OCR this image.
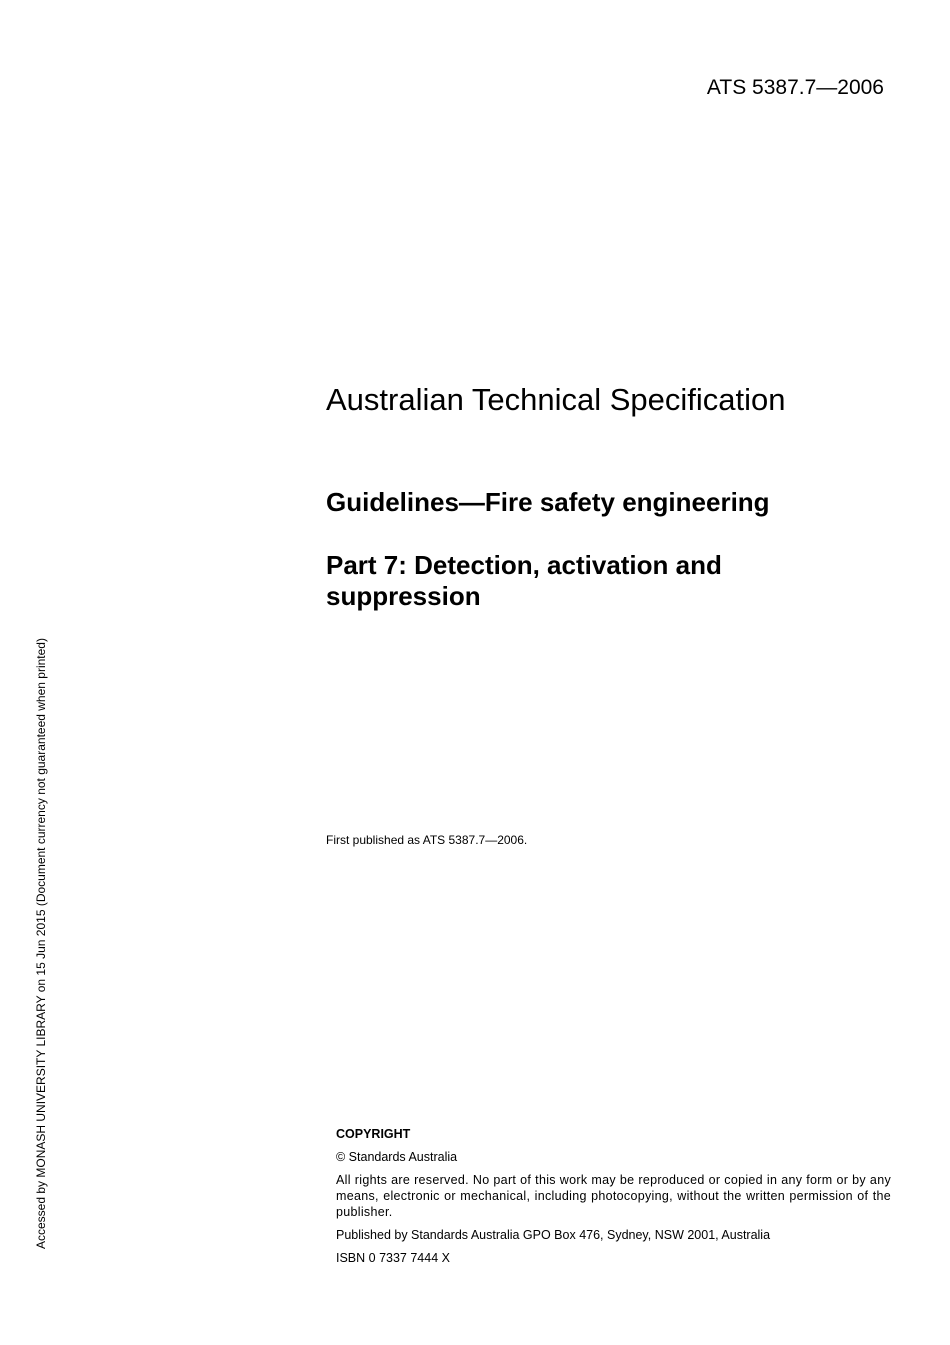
ATS 5387.7—2006
Australian Technical Specification
Guidelines—Fire safety engineering
Part 7: Detection, activation and
suppression
First published as ATS 5387.7—2006.
COPYRIGHT
© Standards Australia
All rights are reserved. No part of this work may be reproduced or copied in any form or by any means, electronic or mechanical, including photocopying, without the written permission of the publisher.
Published by Standards Australia GPO Box 476, Sydney, NSW 2001, Australia
ISBN 0 7337 7444 X
Accessed by MONASH UNIVERSITY LIBRARY on 15 Jun 2015 (Document currency not guaranteed when printed)
